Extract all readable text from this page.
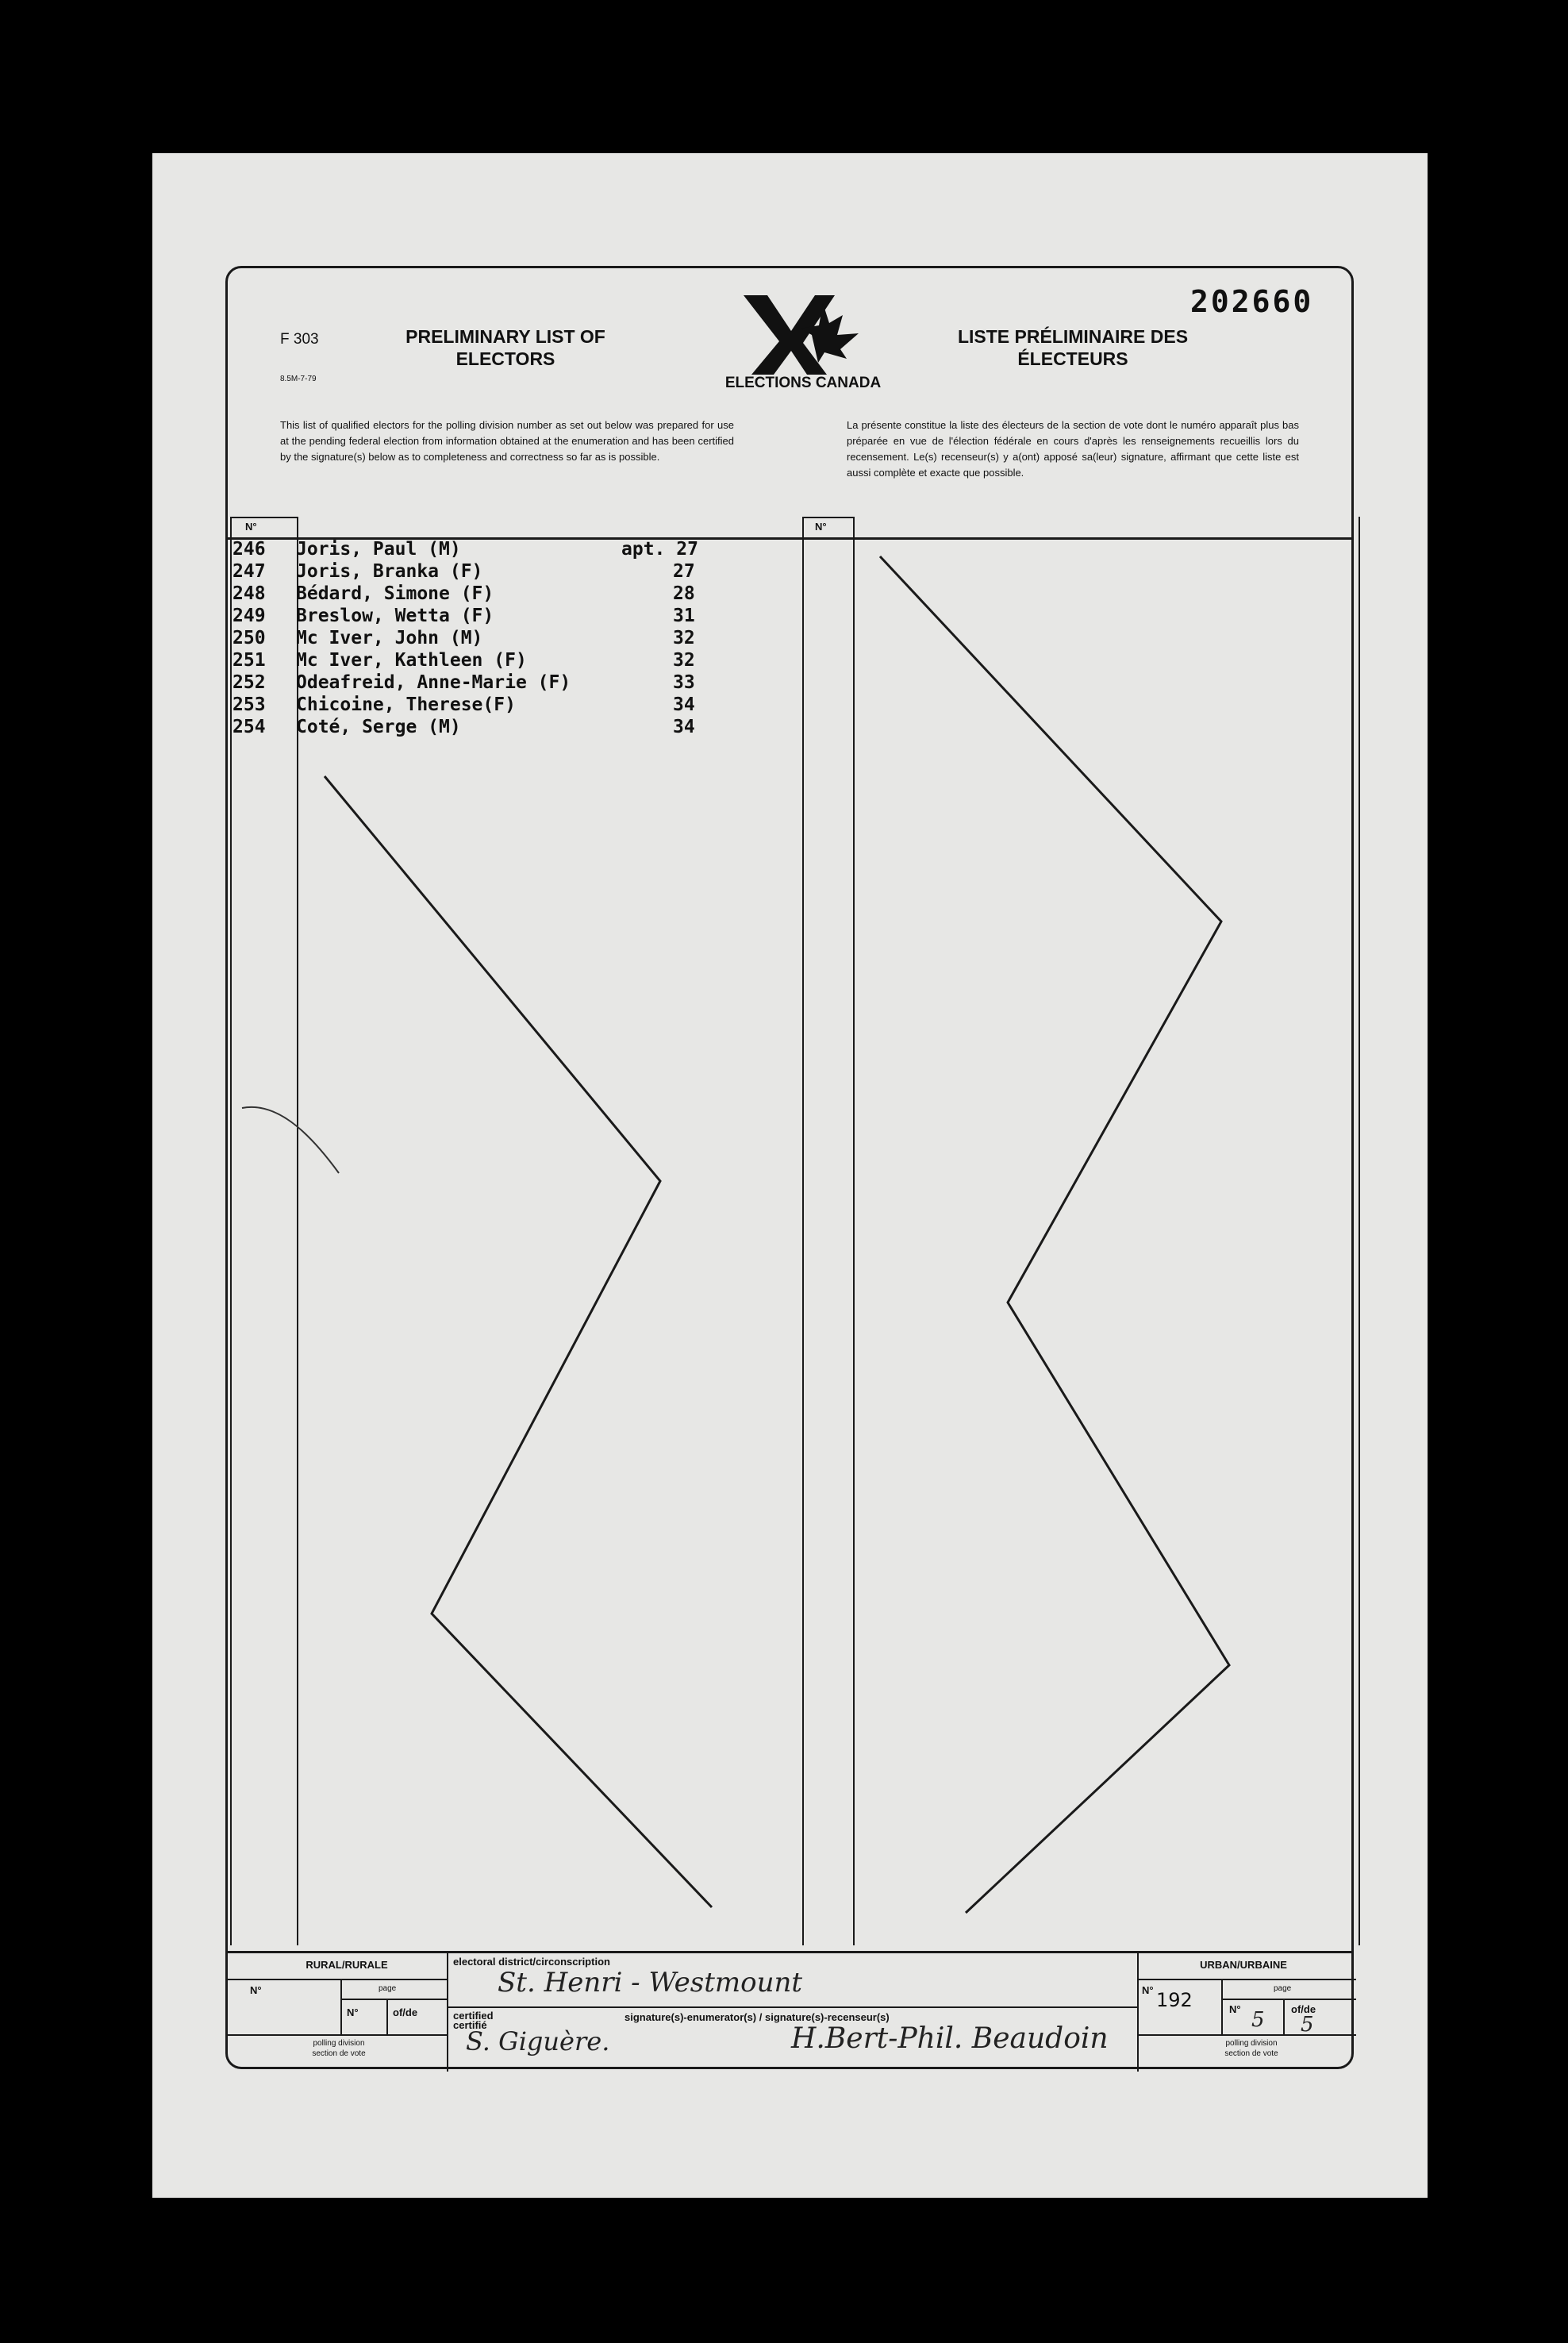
F 303
8.5M-7-79
PRELIMINARY LIST OF ELECTORS
ELECTIONS CANADA
LISTE PRÉLIMINAIRE DES ÉLECTEURS
202660
This list of qualified electors for the polling division number as set out below was prepared for use at the pending federal election from information obtained at the enumeration and has been certified by the signature(s) below as to completeness and correctness so far as is possible.
La présente constitue la liste des électeurs de la section de vote dont le numéro apparaît plus bas préparée en vue de l'élection fédérale en cours d'après les renseignements recueillis lors du recensement. Le(s) recenseur(s) y a(ont) apposé sa(leur) signature, affirmant que cette liste est aussi complète et exacte que possible.
N°	N°
246 Joris, Paul (M)	apt. 27
247 Joris, Branka (F)	27
248 Bédard, Simone (F)	28
249 Breslow, Wetta (F)	31
250 Mc Iver, John (M)	32
251 Mc Iver, Kathleen (F)	32
252 Odeafreid, Anne-Marie (F)	33
253 Chicoine, Therese(F)	34
254 Coté, Serge (M)	34
RURAL/RURALE
N°	page
N°	of/de
polling division
section de vote
electoral district/circonscription
St. Henri - Westmount
certified
certifié
signature(s)-enumerator(s) / signature(s)-recenseur(s)
S. Giguère.	H.Bert-Phil. Beaudoin
URBAN/URBAINE
N° 192
page
N° 5	of/de
5
polling division
section de vote
